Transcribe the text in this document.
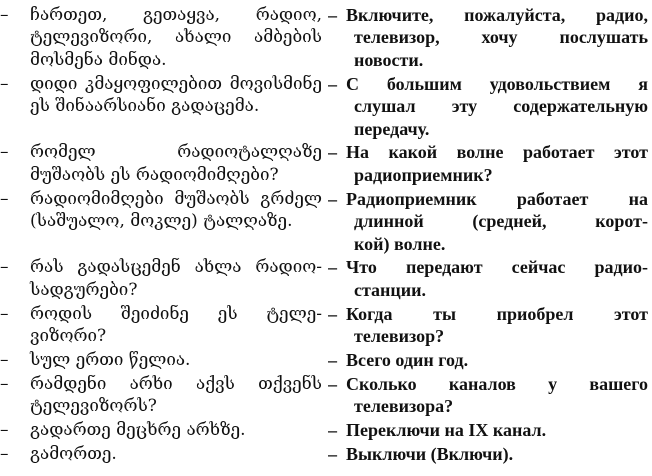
– ჩართეთ, გეთაყვა, რადიო,
ტელევიზორი, ახალი ამბების
მოსმენა მინდა.
– დიდი კმაყოფილებით მოვისმინე
ეს შინაარსიანი გადაცემა.
– რომელ რადიოტალღაზე
მუშაობს ეს რადიომიმღები?
– რადიომიმღები მუშაობს გრძელ
(საშუალო, მოკლე) ტალღაზე.
– რას გადასცემენ ახლა რადიო-
სადგურები?
– როდის შეიძინე ეს ტელე-
ვიზორი?
– სულ ერთი წელია.
– რამდენი არხი აქვს თქვენს
ტელევიზორს?
– გადართე მეცხრე არხზე.
– გამორთე.
– Включите, пожалуйста, радио,
телевизор, хочу послушать
новости.
– С большим удовольствием я
слушал эту содержательную
передачу.
– На какой волне работает этот
радиоприемник?
– Радиоприемник работает на
длинной (средней, корот-
кой) волне.
– Что передают сейчас радио-
станции.
– Когда ты приобрел этот
телевизор?
– Всего один год.
– Сколько каналов у вашего
телевизора?
– Переключи на IX канал.
– Выключи (Включи).
